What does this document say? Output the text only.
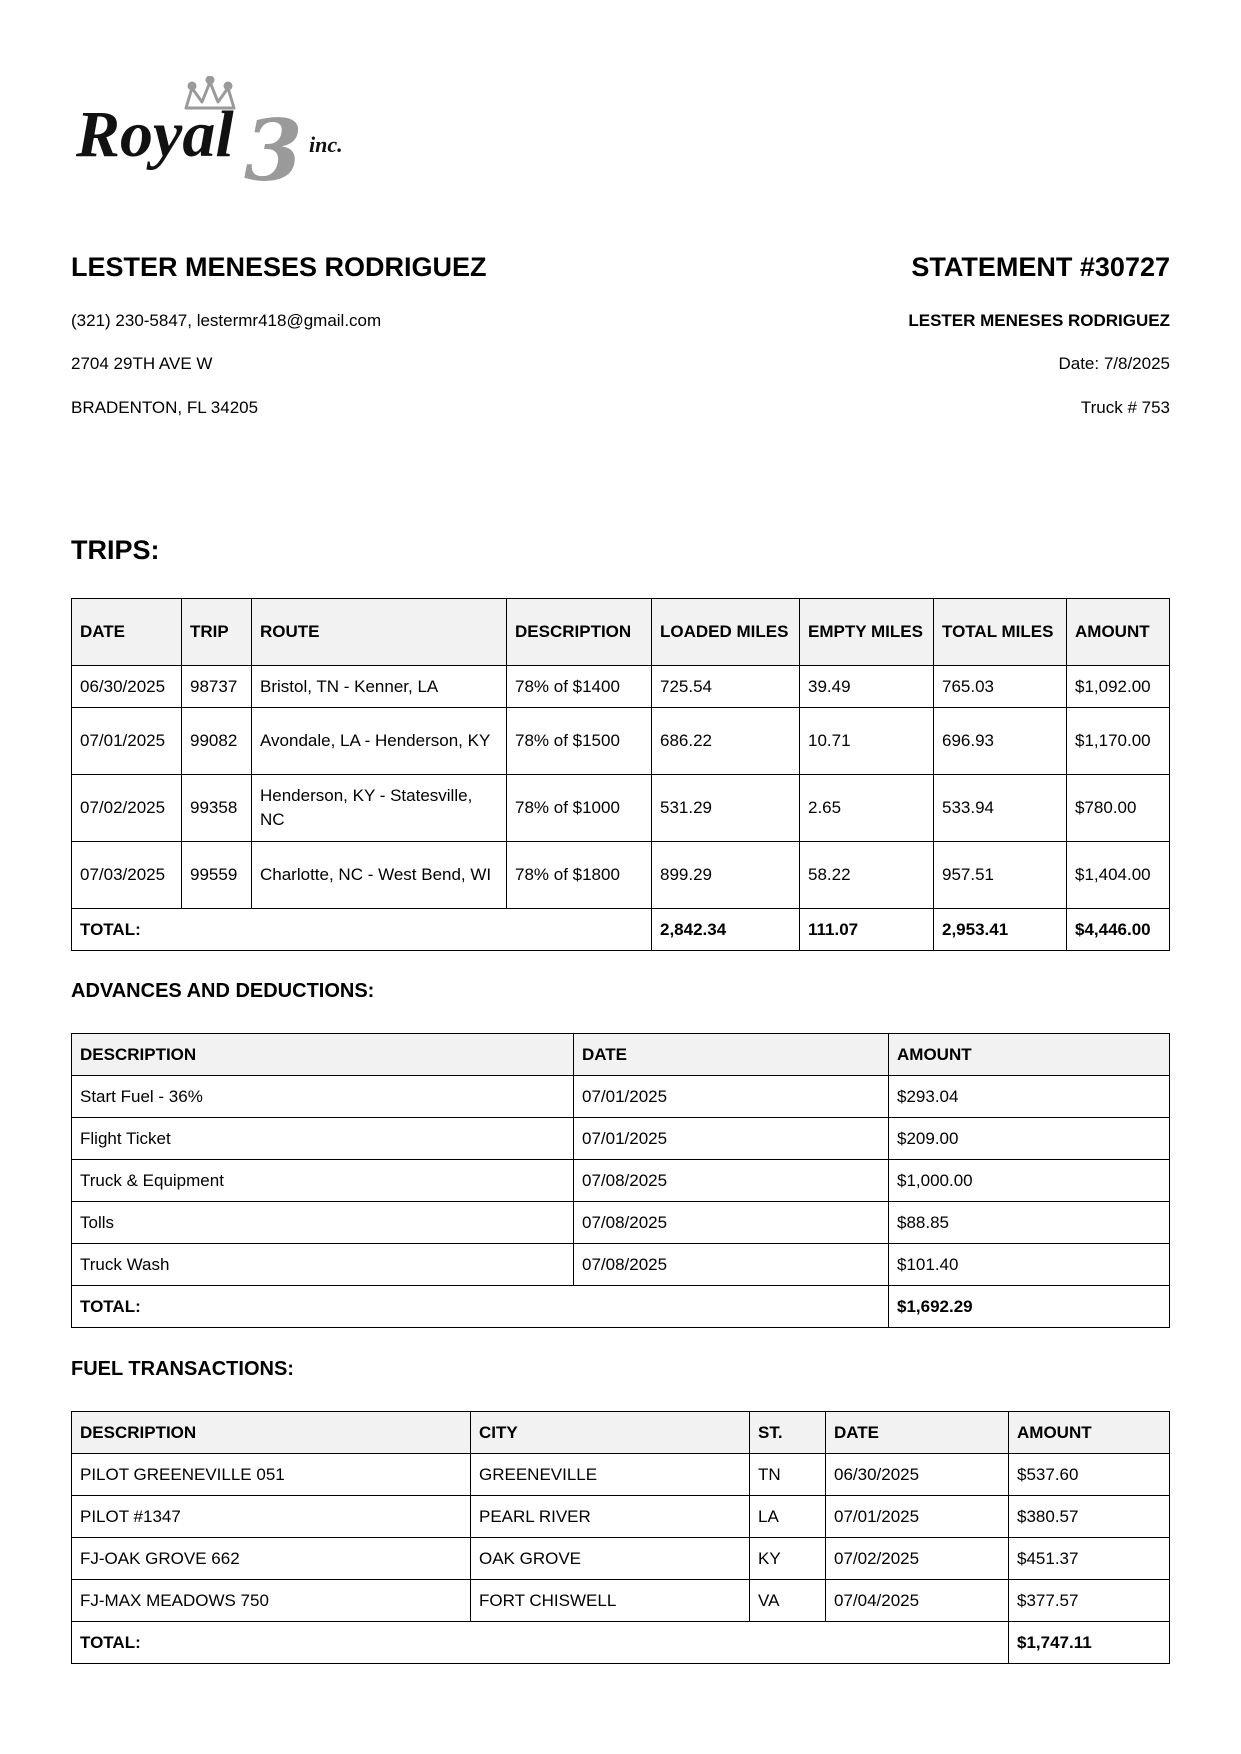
3
Royal	inc.
LESTER MENESES RODRIGUEZ
(321) 230-5847, lestermr418@gmail.com
2704 29TH AVE W
BRADENTON, FL 34205
STATEMENT #30727
LESTER MENESES RODRIGUEZ
Date: 7/8/2025
Truck # 753
TRIPS:
DATE	TRIP	ROUTE	DESCRIPTION	LOADED MILES	EMPTY MILES	TOTAL MILES	AMOUNT
06/30/2025	98737	Bristol, TN - Kenner, LA	78% of $1400	725.54	39.49	765.03	$1,092.00
07/01/2025	99082	Avondale, LA - Henderson, KY	78% of $1500	686.22	10.71	696.93	$1,170.00
07/02/2025	99358	Henderson, KY - Statesville, NC	78% of $1000	531.29	2.65	533.94	$780.00
07/03/2025	99559	Charlotte, NC - West Bend, WI	78% of $1800	899.29	58.22	957.51	$1,404.00
TOTAL:				2,842.34	111.07	2,953.41	$4,446.00
ADVANCES AND DEDUCTIONS:
DESCRIPTION	DATE	AMOUNT
Start Fuel - 36%	07/01/2025	$293.04
Flight Ticket	07/01/2025	$209.00
Truck & Equipment	07/08/2025	$1,000.00
Tolls	07/08/2025	$88.85
Truck Wash	07/08/2025	$101.40
TOTAL:		$1,692.29
FUEL TRANSACTIONS:
DESCRIPTION	CITY	ST.	DATE	AMOUNT
PILOT GREENEVILLE 051	GREENEVILLE	TN	06/30/2025	$537.60
PILOT #1347	PEARL RIVER	LA	07/01/2025	$380.57
FJ-OAK GROVE 662	OAK GROVE	KY	07/02/2025	$451.37
FJ-MAX MEADOWS 750	FORT CHISWELL	VA	07/04/2025	$377.57
TOTAL:				$1,747.11
